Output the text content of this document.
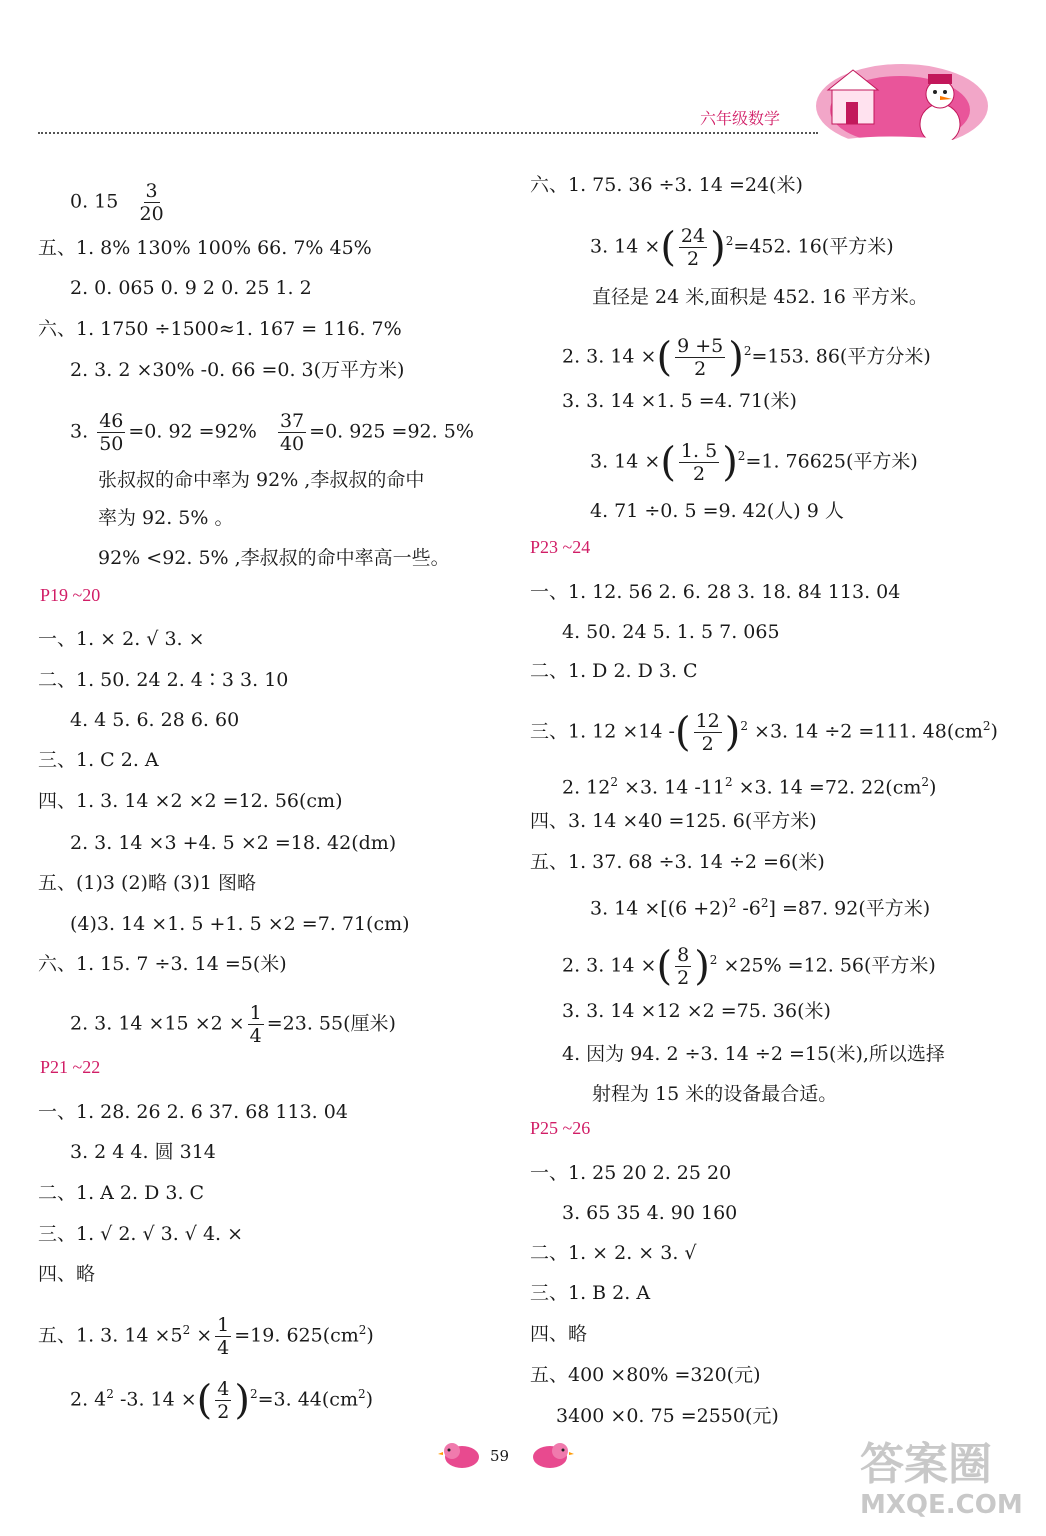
六年级数学
0. $15 \frac{3}{20}$
五、1. 8% 130% 100% 66. 7% 45%
2. 0. 065 0. 9 2 0. 25 1. 2
六、1. 1750 ÷1500≈1. 167 = 116. 7%
2. 3. 2 ×30% -0. 66 =0. 3(万平方米)
3. $\frac{46}{50} =0$. $92 =92\% \frac{37}{40} =0$. 925 =92. 5%
张叔叔的命中率为 92% ,李叔叔的命中
率为 92. 5% 。
92% <92. 5% ,李叔叔的命中率高一些。
P19 ~20
一、1. × 2. √ 3. ×
二、1. 50. 24 2. 4∶3 3. 10
4. 4 5. 6. 28 6. 60
三、1. C 2. A
四、1. 3. 14 ×2 ×2 =12. 56(cm)
2. 3. 14 ×3 +4. 5 ×2 =18. 42(dm)
五、(1)3 (2)略 (3)1 图略
(4)3. 14 ×1. 5 +1. 5 ×2 =7. 71(cm)
六、1. 15. 7 ÷3. 14 =5(米)
2. 3. $14 \times 15 \times 2 \times \frac{1}{4} =23$. 55(厘米)
P21 ~22
一、1. 28. 26 2. 6 37. 68 113. 04
3. 2 4 4. 圆 314
二、1. A 2. D 3. C
三、1. √ 2. √ 3. √ 4. ×
四、略
五、1. 3. $14 \times 5^2 \times \frac{1}{4} =19$. $625(cm^2)$
2. $4^2$ -3. 14 ×( $\frac{4}{2} )^2=3$. $44(cm^2)$
六、1. 75. 36 ÷3. 14 =24(米)
3. 14 ×( $\frac{24}{2} )^2=452$. 16(平方米)
直径是 24 米,面积是 452. 16 平方米。
2. 3. 14 ×( $\frac{9 +5}{2} )^2=153$. 86(平方分米)
3. 3. 14 ×1. 5 =4. 71(米)
3. 14 ×( $\frac{1. 5}{2} )^2=1$. 76625(平方米)
4. 71 ÷0. 5 =9. 42(人) 9 人
P23 ~24
一、1. 12. 56 2. 6. 28 3. 18. 84 113. 04
4. 50. 24 5. 1. 5 7. 065
二、1. D 2. D 3. C
三、1. 12 ×14 -( $\frac{12}{2} )^2 \times 3$. 14 ÷2 =111. $48(cm^2)$
2. $12^2 \times 3$. 14 $-11^2 \times 3$. 14 =72. $22(cm^2)$
四、3. 14 ×40 =125. 6(平方米)
五、1. 37. 68 ÷3. 14 ÷2 =6(米)
3. $14 \times[(6 +2)^2$ $-6^2] =87$. 92(平方米)
2. 3. 14 ×( $\frac{8}{2} )^2 \times 25\% =12$. 56(平方米)
3. 3. 14 ×12 ×2 =75. 36(米)
4. 因为 94. 2 ÷3. 14 ÷2 =15(米),所以选择
射程为 15 米的设备最合适。
P25 ~26
一、1. 25 20 2. 25 20
3. 65 35 4. 90 160
二、1. × 2. × 3. √
三、1. B 2. A
四、略
五、400 ×80% =320(元)
3400 ×0. 75 =2550(元)
59	答案圈
MXQE.COM
